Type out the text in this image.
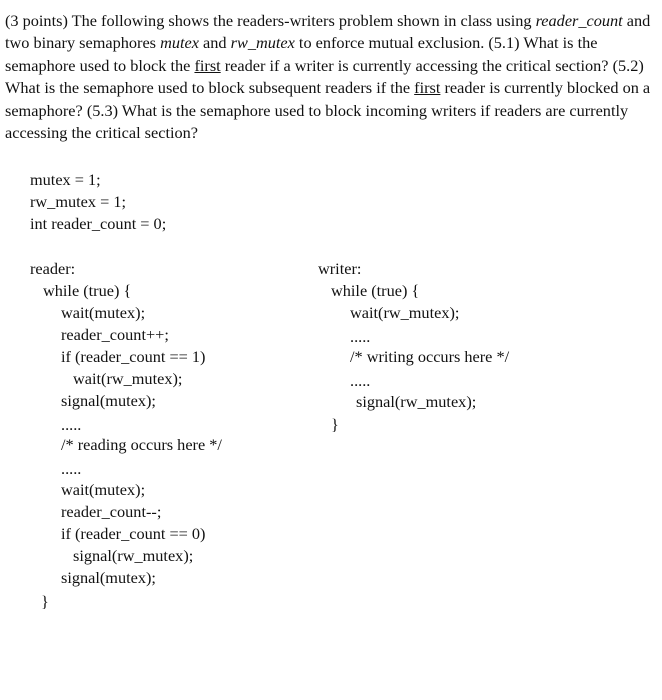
(3 points) The following shows the readers-writers problem shown in class using reader_count and two binary semaphores mutex and rw_mutex to enforce mutual exclusion. (5.1) What is the semaphore used to block the first reader if a writer is currently accessing the critical section? (5.2) What is the semaphore used to block subsequent readers if the first reader is currently blocked on a semaphore? (5.3) What is the semaphore used to block incoming writers if readers are currently accessing the critical section?

mutex = 1;
rw_mutex = 1;
int reader_count = 0;
reader:
while (true) {
wait(mutex);
reader_count++;
if (reader_count == 1)
wait(rw_mutex);
signal(mutex);
.....
/* reading occurs here */
.....
wait(mutex);
reader_count--;
if (reader_count == 0)
signal(rw_mutex);
signal(mutex);
}
writer:
while (true) {
wait(rw_mutex);
.....
/* writing occurs here */
.....
signal(rw_mutex);
}
